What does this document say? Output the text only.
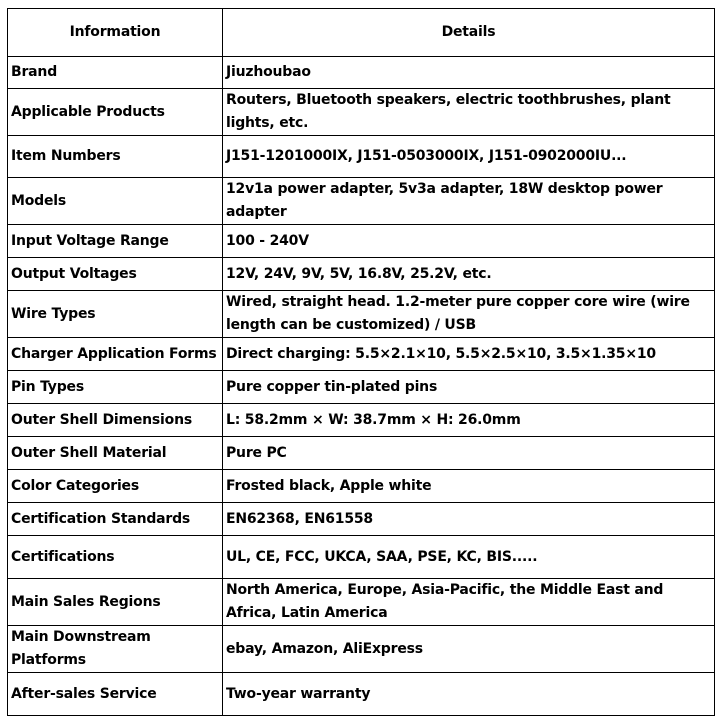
Information	Details
Brand	Jiuzhoubao
Applicable Products	Routers, Bluetooth speakers, electric toothbrushes, plant lights, etc.
Item Numbers	J151-1201000IX, J151-0503000IX, J151-0902000IU...
Models	12v1a power adapter, 5v3a adapter, 18W desktop power adapter
Input Voltage Range	100 - 240V
Output Voltages	12V, 24V, 9V, 5V, 16.8V, 25.2V, etc.
Wire Types	Wired, straight head. 1.2-meter pure copper core wire (wire length can be customized) / USB
Charger Application Forms	Direct charging: 5.5×2.1×10, 5.5×2.5×10, 3.5×1.35×10
Pin Types	Pure copper tin-plated pins
Outer Shell Dimensions	L: 58.2mm × W: 38.7mm × H: 26.0mm
Outer Shell Material	Pure PC
Color Categories	Frosted black, Apple white
Certification Standards	EN62368, EN61558
Certifications	UL, CE, FCC, UKCA, SAA, PSE, KC, BIS.....
Main Sales Regions	North America, Europe, Asia-Pacific, the Middle East and Africa, Latin America
Main Downstream Platforms	ebay, Amazon, AliExpress
After-sales Service	Two-year warranty
